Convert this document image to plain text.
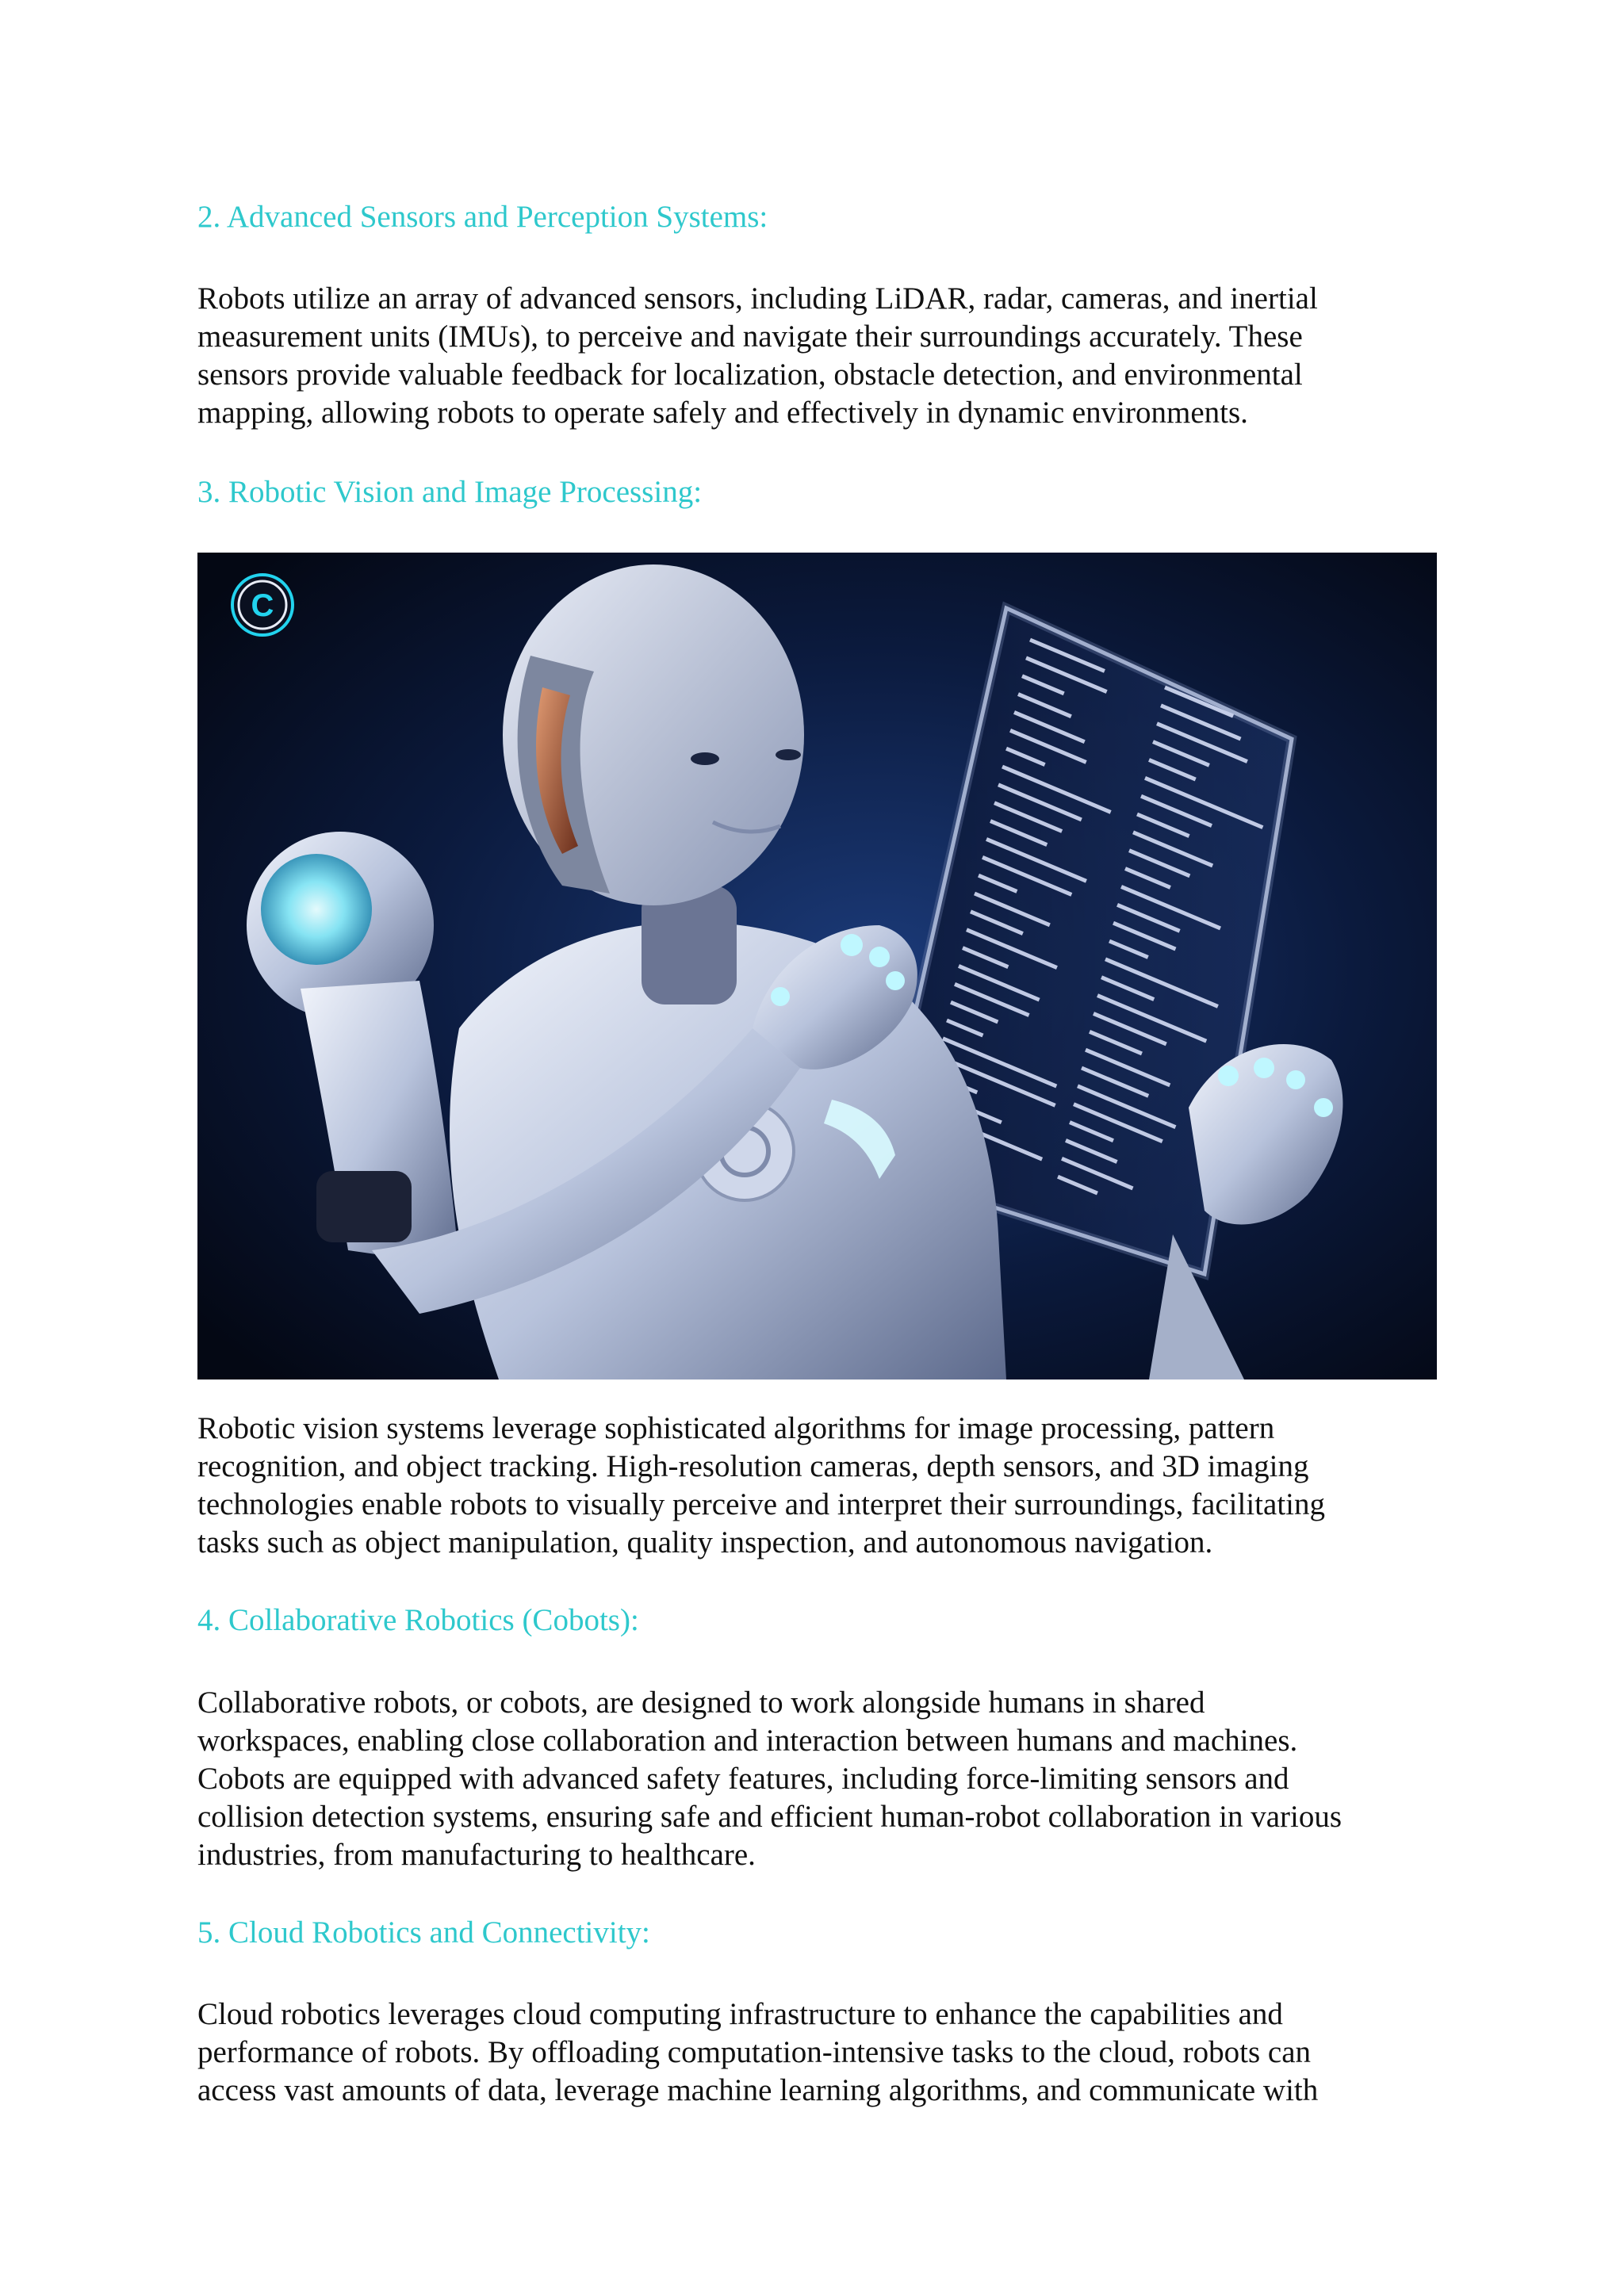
2. Advanced Sensors and Perception Systems:
Robots utilize an array of advanced sensors, including LiDAR, radar, cameras, and inertial
measurement units (IMUs), to perceive and navigate their surroundings accurately. These
sensors provide valuable feedback for localization, obstacle detection, and environmental
mapping, allowing robots to operate safely and effectively in dynamic environments.
3. Robotic Vision and Image Processing:
C
Robotic vision systems leverage sophisticated algorithms for image processing, pattern
recognition, and object tracking. High-resolution cameras, depth sensors, and 3D imaging
technologies enable robots to visually perceive and interpret their surroundings, facilitating
tasks such as object manipulation, quality inspection, and autonomous navigation.
4. Collaborative Robotics (Cobots):
Collaborative robots, or cobots, are designed to work alongside humans in shared
workspaces, enabling close collaboration and interaction between humans and machines.
Cobots are equipped with advanced safety features, including force-limiting sensors and
collision detection systems, ensuring safe and efficient human-robot collaboration in various
industries, from manufacturing to healthcare.
5. Cloud Robotics and Connectivity:
Cloud robotics leverages cloud computing infrastructure to enhance the capabilities and
performance of robots. By offloading computation-intensive tasks to the cloud, robots can
access vast amounts of data, leverage machine learning algorithms, and communicate with
